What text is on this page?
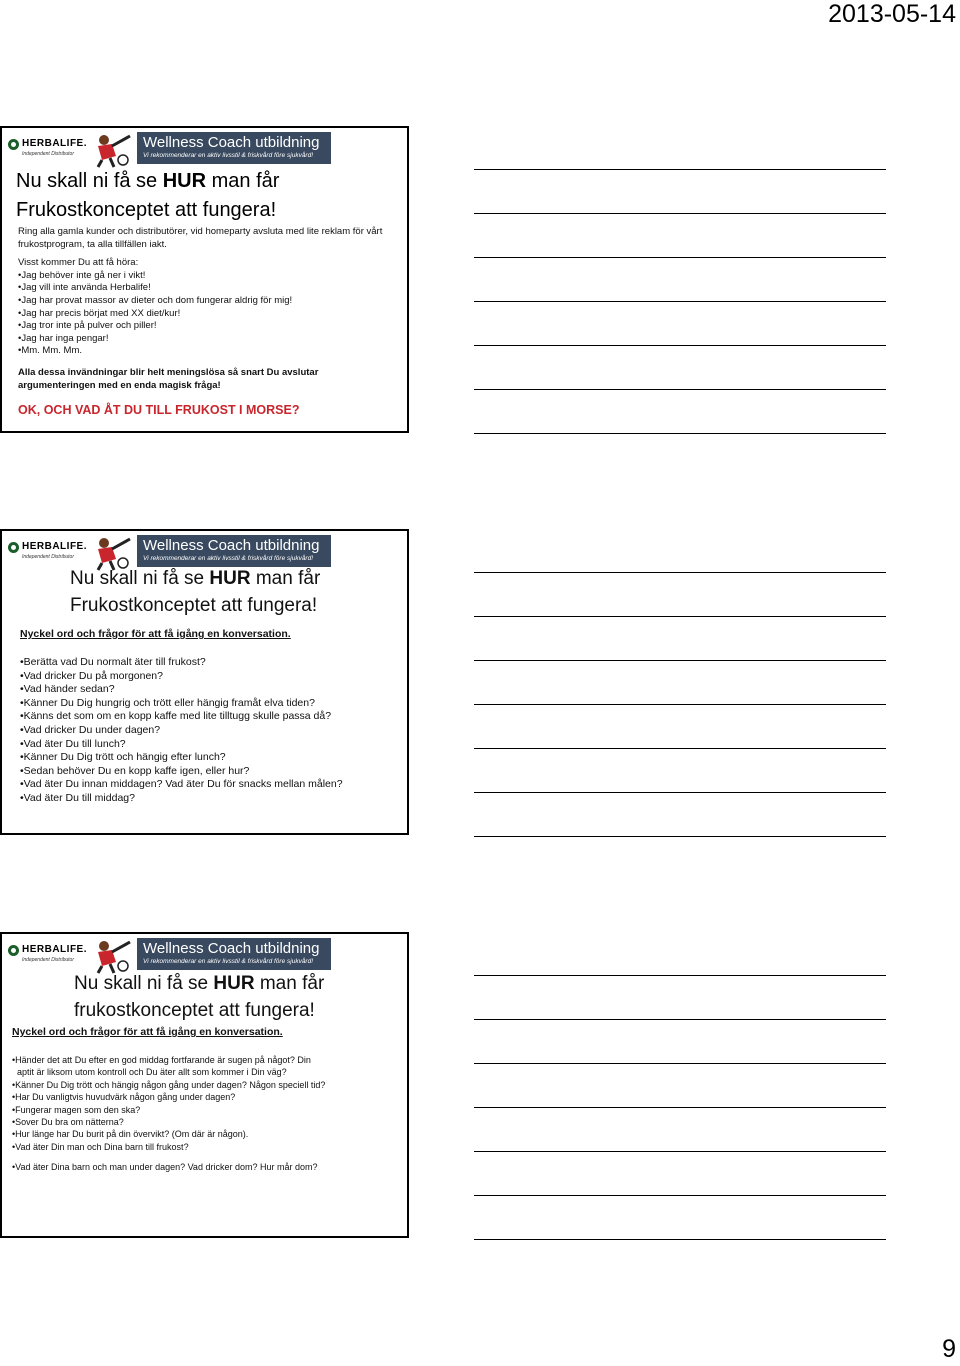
2013-05-14
HERBALIFE.
Independent Distributor
Wellness Coach utbildning
Vi rekommenderar en aktiv livsstil & friskvård före sjukvård!
Nu skall ni få se HUR man får
Frukostkonceptet att fungera!

Ring alla gamla kunder och distributörer, vid homeparty avsluta med lite reklam för vårt frukostprogram, ta alla tillfällen iakt.

Visst kommer Du att få höra:

•Jag behöver inte gå ner i vikt!

•Jag vill inte använda Herbalife!

•Jag har provat massor av dieter och dom fungerar aldrig för mig!

•Jag har precis börjat med XX diet/kur!

•Jag tror inte på pulver och piller!

•Jag har inga pengar!

•Mm. Mm. Mm.

Alla dessa invändningar blir helt meningslösa så snart Du avslutar argumenteringen med en enda magisk fråga!
OK, OCH VAD ÅT DU TILL FRUKOST I MORSE?
HERBALIFE.
Independent Distributor
Wellness Coach utbildning
Vi rekommenderar en aktiv livsstil & friskvård före sjukvård!
Nu skall ni få se HUR man får
Frukostkonceptet att fungera!
Nyckel ord och frågor för att få igång en konversation.
•Berätta vad Du normalt äter till frukost?
•Vad dricker Du på morgonen?
•Vad händer sedan?
•Känner Du Dig hungrig och trött eller hängig framåt elva tiden?
•Känns det som om en kopp kaffe med lite tilltugg skulle passa då?
•Vad dricker Du under dagen?
•Vad äter Du till lunch?
•Känner Du Dig trött och hängig efter lunch?
•Sedan behöver Du en kopp kaffe igen, eller hur?
•Vad äter Du innan middagen? Vad äter Du för snacks mellan målen?
•Vad äter Du till middag?
HERBALIFE.
Independent Distributor
Wellness Coach utbildning
Vi rekommenderar en aktiv livsstil & friskvård före sjukvård!
Nu skall ni få se HUR man får
frukostkonceptet att fungera!
Nyckel ord och frågor för att få igång en konversation.
•Händer det att Du efter en god middag fortfarande är sugen på något? Din
aptit är liksom utom kontroll och Du äter allt som kommer i Din väg?
•Känner Du Dig trött och hängig någon gång under dagen? Någon speciell tid?
•Har Du vanligtvis huvudvärk någon gång under dagen?
•Fungerar magen som den ska?
•Sover Du bra om nätterna?
•Hur länge har Du burit på din övervikt? (Om där är någon).
•Vad äter Din man och Dina barn till frukost?
•Vad äter Dina barn och man under dagen? Vad dricker dom? Hur mår dom?
9
